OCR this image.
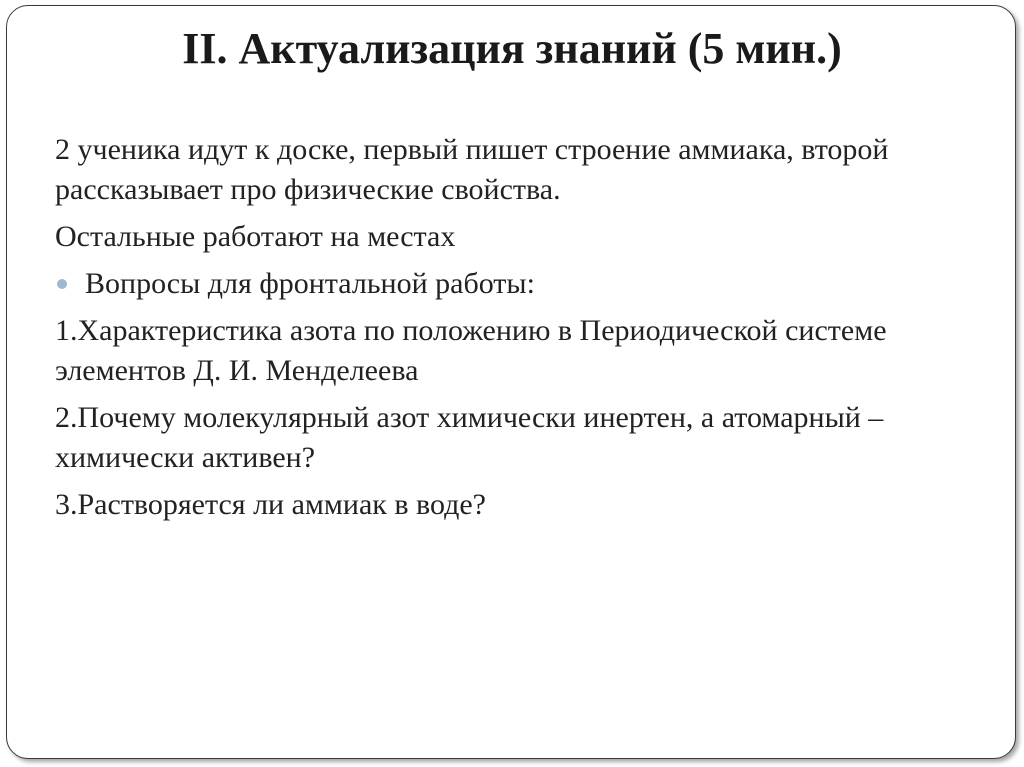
II. Актуализация знаний (5 мин.)

2 ученика идут к доске, первый пишет строение аммиака, второй рассказывает про физические свойства.

Остальные работают на местах

Вопросы для фронтальной работы:

1.Характеристика азота по положению в Периодической системе элементов Д. И. Менделеева

2.Почему молекулярный азот химически инертен, а атомарный – химически активен?

3.Растворяется ли аммиак в воде?
